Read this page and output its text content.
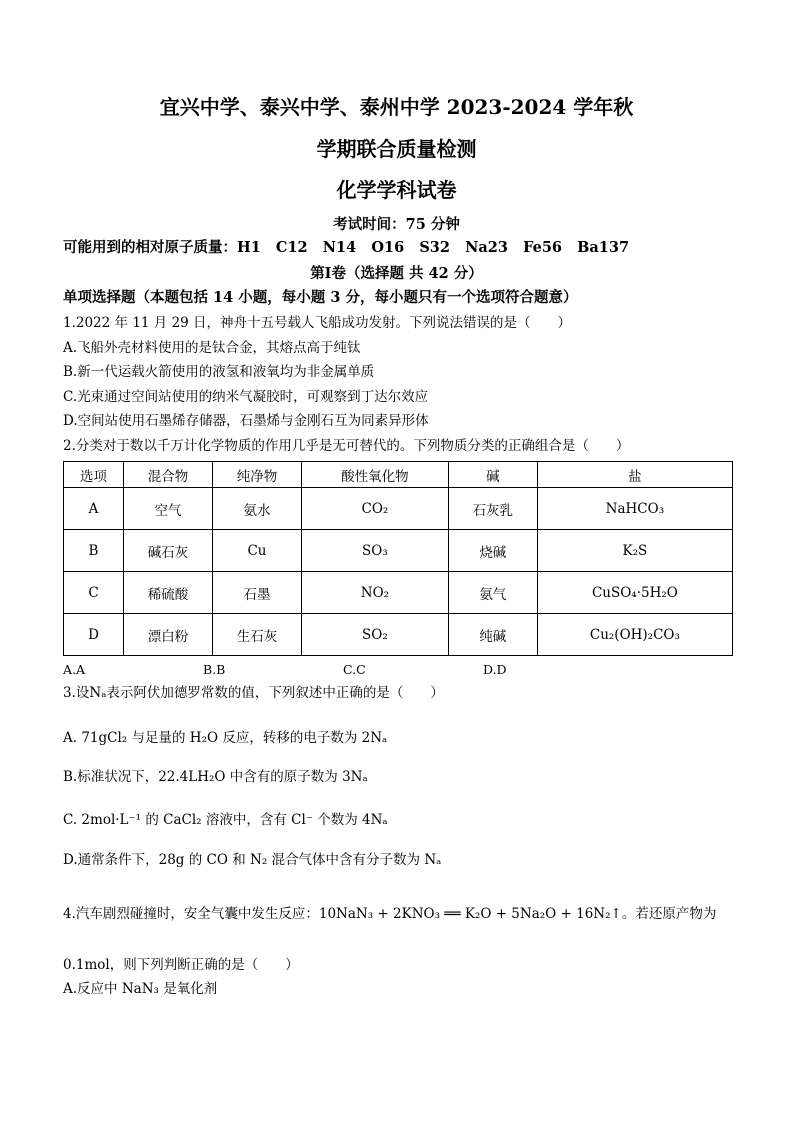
宜兴中学、泰兴中学、泰州中学 2023-2024 学年秋
学期联合质量检测
化学学科试卷
考试时间：75 分钟
可能用到的相对原子质量：H1   C12   N14   O16   S32   Na23   Fe56   Ba137
第Ⅰ卷（选择题 共 42 分）
单项选择题（本题包括 14 小题，每小题 3 分，每小题只有一个选项符合题意）
1.2022 年 11 月 29 日，神舟十五号载人飞船成功发射。下列说法错误的是（　　）
A.飞船外壳材料使用的是钛合金，其熔点高于纯钛
B.新一代运载火箭使用的液氢和液氧均为非金属单质
C.光束通过空间站使用的纳米气凝胶时，可观察到丁达尔效应
D.空间站使用石墨烯存储器，石墨烯与金刚石互为同素异形体
2.分类对于数以千万计化学物质的作用几乎是无可替代的。下列物质分类的正确组合是（　　）
选项	混合物	纯净物	酸性氧化物	碱	盐
A	空气	氨水	CO₂	石灰乳	NaHCO₃
B	碱石灰	Cu	SO₃	烧碱	K₂S
C	稀硫酸	石墨	NO₂	氨气	CuSO₄·5H₂O
D	漂白粉	生石灰	SO₂	纯碱	Cu₂(OH)₂CO₃
A.A	B.B	C.C	D.D
3.设Nₐ表示阿伏加德罗常数的值，下列叙述中正确的是（　　）
A. 71gCl₂ 与足量的 H₂O 反应，转移的电子数为 2Nₐ
B.标准状况下，22.4LH₂O 中含有的原子数为 3Nₐ
C. 2mol·L⁻¹ 的 CaCl₂ 溶液中，含有 Cl⁻ 个数为 4Nₐ
D.通常条件下，28g 的 CO 和 N₂ 混合气体中含有分子数为 Nₐ
4.汽车剧烈碰撞时，安全气囊中发生反应：10NaN₃ + 2KNO₃ ══ K₂O + 5Na₂O + 16N₂↑。若还原产物为
0.1mol，则下列判断正确的是（　　）
A.反应中 NaN₃ 是氧化剂
